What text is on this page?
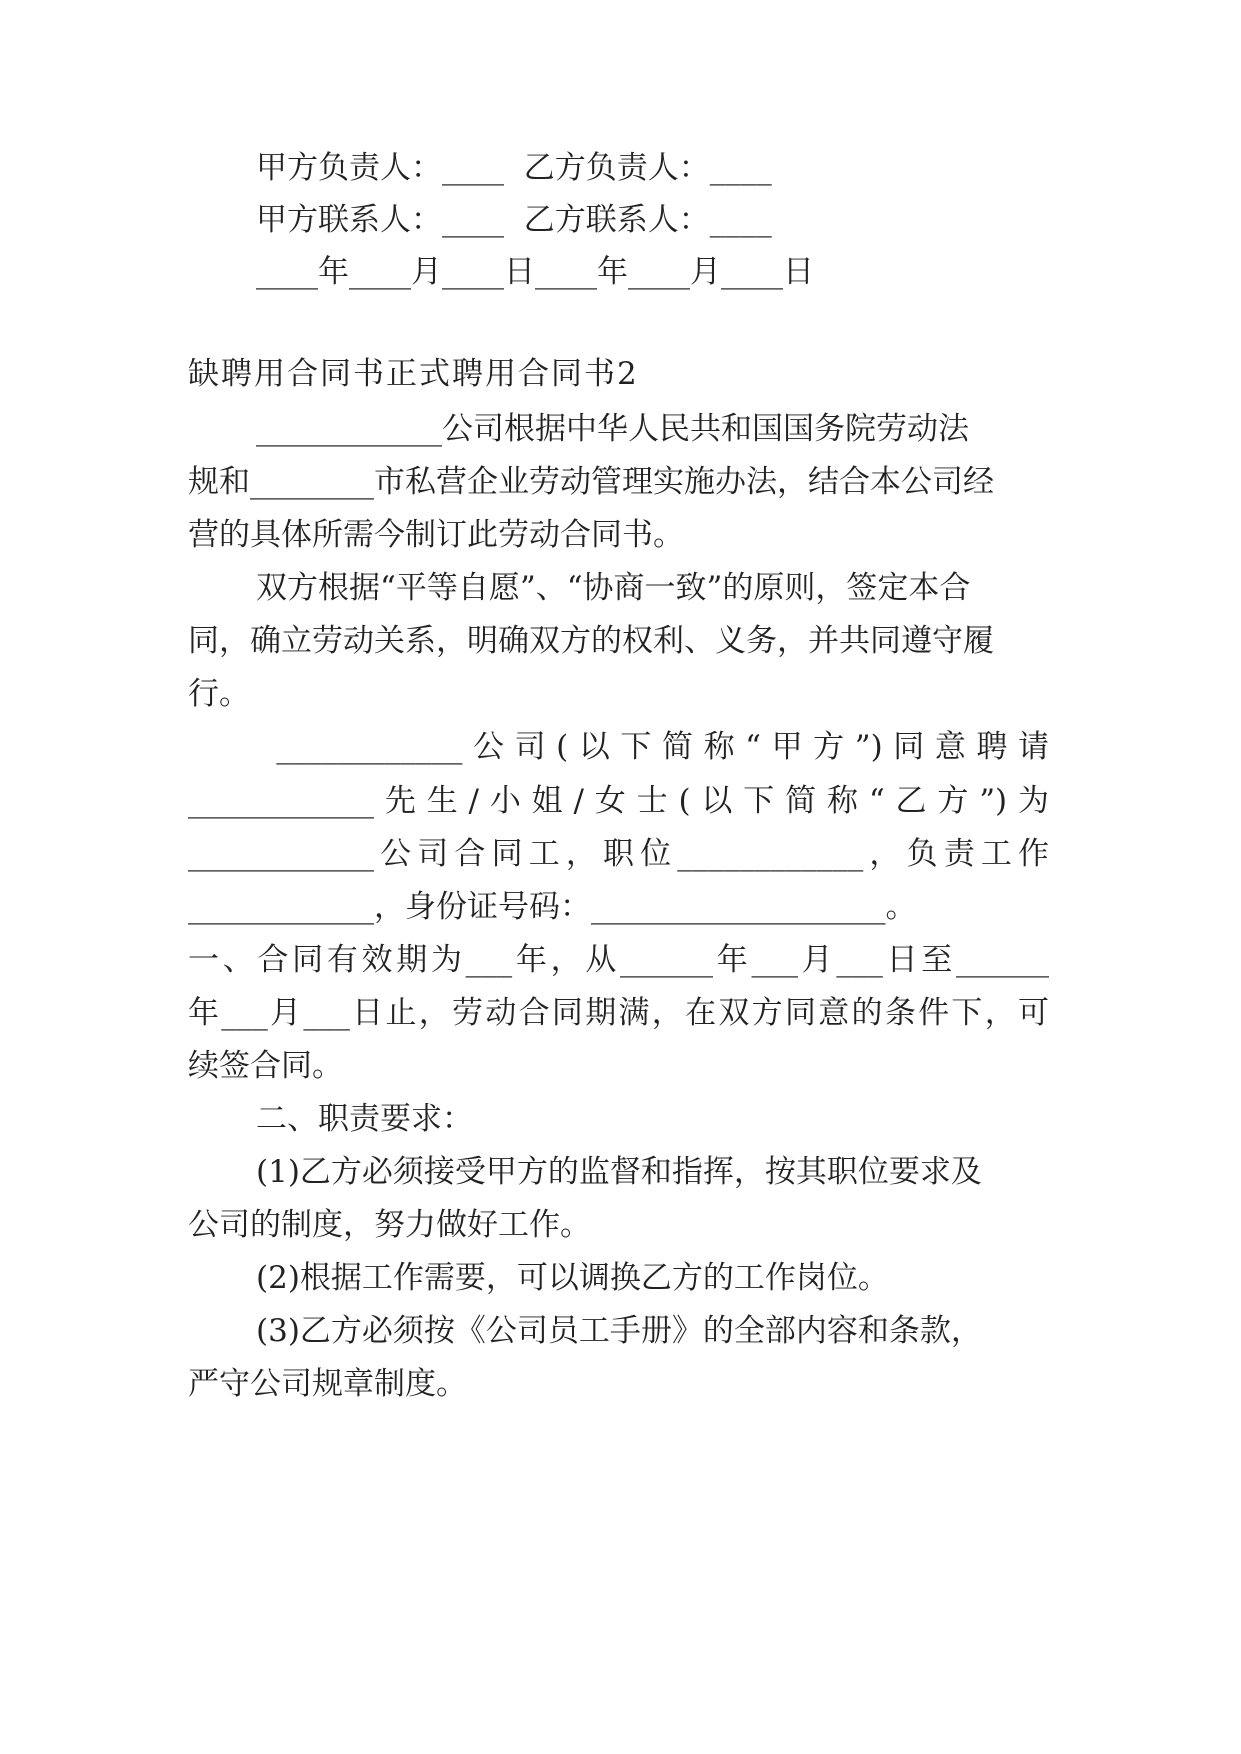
甲方负责人：____  乙方负责人：____
甲方联系人：____  乙方联系人：____
____年____月____日____年____月____日
缺聘用合同书正式聘用合同书2
____________公司根据中华人民共和国国务院劳动法
规和________市私营企业劳动管理实施办法，结合本公司经
营的具体所需今制订此劳动合同书。
双方根据“平等自愿”、“协商一致”的原则，签定本合
同，确立劳动关系，明确双方的权利、义务，并共同遵守履
行。
____________公司(以下简称“甲方”)同意聘请
____________先生/小姐/女士(以下简称“乙方”)为
____________公司合同工，职位____________，负责工作
____________，身份证号码：___________________。
一、合同有效期为___年，从______年___月___日至______
年___月___日止，劳动合同期满，在双方同意的条件下，可
续签合同。
二、职责要求：
(1)乙方必须接受甲方的监督和指挥，按其职位要求及
公司的制度，努力做好工作。
(2)根据工作需要，可以调换乙方的工作岗位。
(3)乙方必须按《公司员工手册》的全部内容和条款，
严守公司规章制度。
